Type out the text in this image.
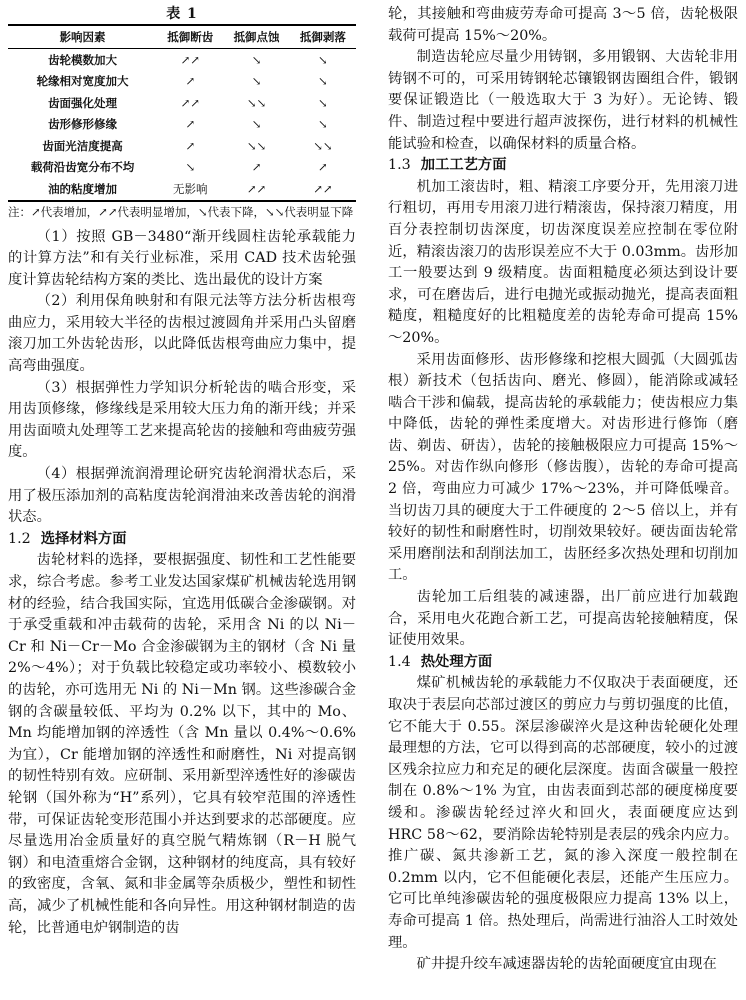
表 1
影响因素	抵御断齿	抵御点蚀	抵御剥落
齿轮模数加大	↗↗	↘	↘
轮缘相对宽度加大	↗	↘	↘
齿面强化处理	↗↗	↘↘	↘
齿形修形修缘	↗	↘	↘
齿面光洁度提高	↗	↘↘	↘↘
载荷沿齿宽分布不均	↘	↗	↗
油的粘度增加	无影响	↗↗	↗↗
注：↗代表增加，↗↗代表明显增加，↘代表下降，↘↘代表明显下降

（1）按照 GB－3480“渐开线圆柱齿轮承载能力的计算方法”和有关行业标准，采用 CAD 技术齿轮强度计算齿轮结构方案的类比、选出最优的设计方案

（2）利用保角映射和有限元法等方法分析齿根弯曲应力，采用较大半径的齿根过渡圆角并采用凸头留磨滚刀加工外齿轮齿形，以此降低齿根弯曲应力集中，提高弯曲强度。

（3）根据弹性力学知识分析轮齿的啮合形变，采用齿顶修缘，修缘线是采用较大压力角的渐开线；并采用齿面喷丸处理等工艺来提高轮齿的接触和弯曲疲劳强度。

（4）根据弹流润滑理论研究齿轮润滑状态后，采用了极压添加剂的高粘度齿轮润滑油来改善齿轮的润滑状态。

1.2 选择材料方面

齿轮材料的选择，要根据强度、韧性和工艺性能要求，综合考虑。参考工业发达国家煤矿机械齿轮选用钢材的经验，结合我国实际，宜选用低碳合金渗碳钢。对于承受重载和冲击载荷的齿轮，采用含 Ni 的以 Ni－Cr 和 Ni－Cr－Mo 合金渗碳钢为主的钢材（含 Ni 量 2%～4%）；对于负载比较稳定或功率较小、模数较小的齿轮，亦可选用无 Ni 的 Ni－Mn 钢。这些渗碳合金钢的含碳量较低、平均为 0.2% 以下，其中的 Mo、Mn 均能增加钢的淬透性（含 Mn 量以 0.4%～0.6% 为宜），Cr 能增加钢的淬透性和耐磨性，Ni 对提高钢的韧性特别有效。应研制、采用新型淬透性好的渗碳齿轮钢（国外称为“H”系列），它具有较窄范围的淬透性带，可保证齿轮变形范围小并达到要求的芯部硬度。应尽量选用冶金质量好的真空脱气精炼钢（R－H 脱气钢）和电渣重熔合金钢，这种钢材的纯度高，具有较好的致密度，含氧、氮和非金属等杂质极少，塑性和韧性高，减少了机械性能和各向异性。用这种钢材制造的齿轮，比普通电炉钢制造的齿

轮，其接触和弯曲疲劳寿命可提高 3～5 倍，齿轮极限载荷可提高 15%～20%。

制造齿轮应尽量少用铸钢，多用锻钢、大齿轮非用铸钢不可的，可采用铸钢轮芯镶锻钢齿圈组合件，锻钢要保证锻造比（一般选取大于 3 为好）。无论铸、锻件、制造过程中要进行超声波探伤，进行材料的机械性能试验和检查，以确保材料的质量合格。

1.3 加工工艺方面

机加工滚齿时，粗、精滚工序要分开，先用滚刀进行粗切，再用专用滚刀进行精滚齿，保持滚刀精度，用百分表控制切齿深度，切齿深度误差应控制在零位附近，精滚齿滚刀的齿形误差应不大于 0.03mm。齿形加工一般要达到 9 级精度。齿面粗糙度必须达到设计要求，可在磨齿后，进行电抛光或振动抛光，提高表面粗糙度，粗糙度好的比粗糙度差的齿轮寿命可提高 15%～20%。

采用齿面修形、齿形修缘和挖根大圆弧（大圆弧齿根）新技术（包括齿向、磨光、修圆），能消除或减轻啮合干涉和偏载，提高齿轮的承载能力；使齿根应力集中降低，齿轮的弹性柔度增大。对齿形进行修饰（磨齿、剃齿、研齿），齿轮的接触极限应力可提高 15%～25%。对齿作纵向修形（修齿腹），齿轮的寿命可提高 2 倍，弯曲应力可减少 17%～23%，并可降低噪音。当切齿刀具的硬度大于工件硬度的 2～5 倍以上，并有较好的韧性和耐磨性时，切削效果较好。硬齿面齿轮常采用磨削法和刮削法加工，齿胚经多次热处理和切削加工。

齿轮加工后组装的减速器，出厂前应进行加载跑合，采用电火花跑合新工艺，可提高齿轮接触精度，保证使用效果。

1.4 热处理方面

煤矿机械齿轮的承载能力不仅取决于表面硬度，还取决于表层向芯部过渡区的剪应力与剪切强度的比值，它不能大于 0.55。深层渗碳淬火是这种齿轮硬化处理最理想的方法，它可以得到高的芯部硬度，较小的过渡区残余拉应力和充足的硬化层深度。齿面含碳量一般控制在 0.8%～1% 为宜，由齿表面到芯部的硬度梯度要缓和。渗碳齿轮经过淬火和回火，表面硬度应达到 HRC 58～62，要消除齿轮特别是表层的残余内应力。推广碳、氮共渗新工艺，氮的渗入深度一般控制在 0.2mm 以内，它不但能硬化表层，还能产生压应力。它可比单纯渗碳齿轮的强度极限应力提高 13% 以上，寿命可提高 1 倍。热处理后，尚需进行油浴人工时效处理。

矿井提升绞车减速器齿轮的齿轮面硬度宜由现在
